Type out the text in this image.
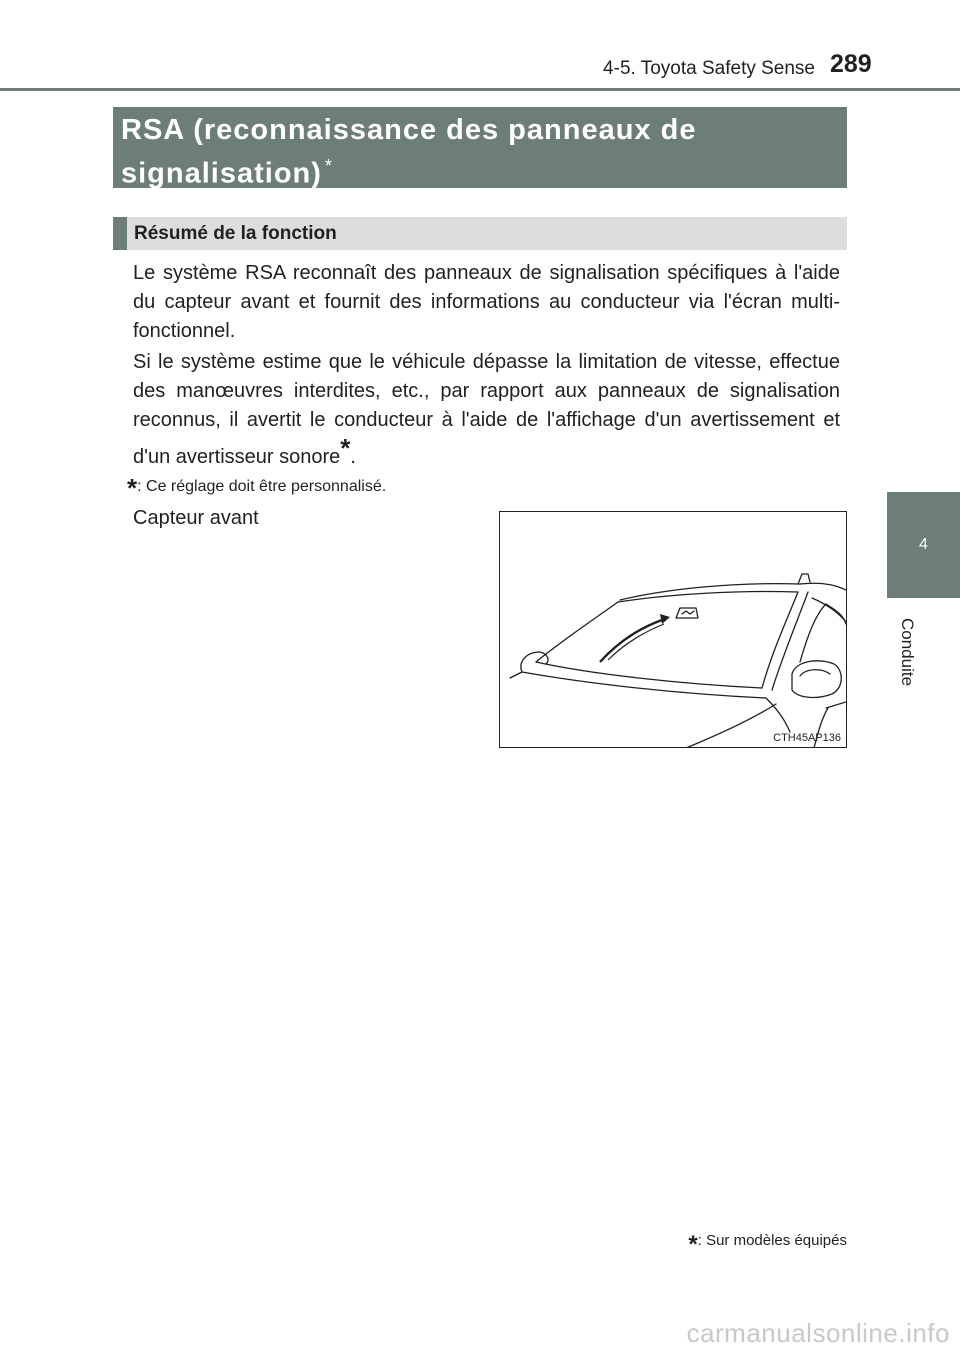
4-5. Toyota Safety Sense 289
4
Conduite
RSA (reconnaissance des panneaux de signalisation) *
Résumé de la fonction
Le système RSA reconnaît des panneaux de signalisation spécifiques à l'aide du capteur avant et fournit des informations au conducteur via l'écran multi-fonctionnel.
Si le système estime que le véhicule dépasse la limitation de vitesse, effectue des manœuvres interdites, etc., par rapport aux panneaux de signalisation reconnus, il avertit le conducteur à l'aide de l'affichage d'un avertissement et d'un avertisseur sonore*.
*: Ce réglage doit être personnalisé.
Capteur avant
CTH45AP136
*: Sur modèles équipés
carmanualsonline.info
